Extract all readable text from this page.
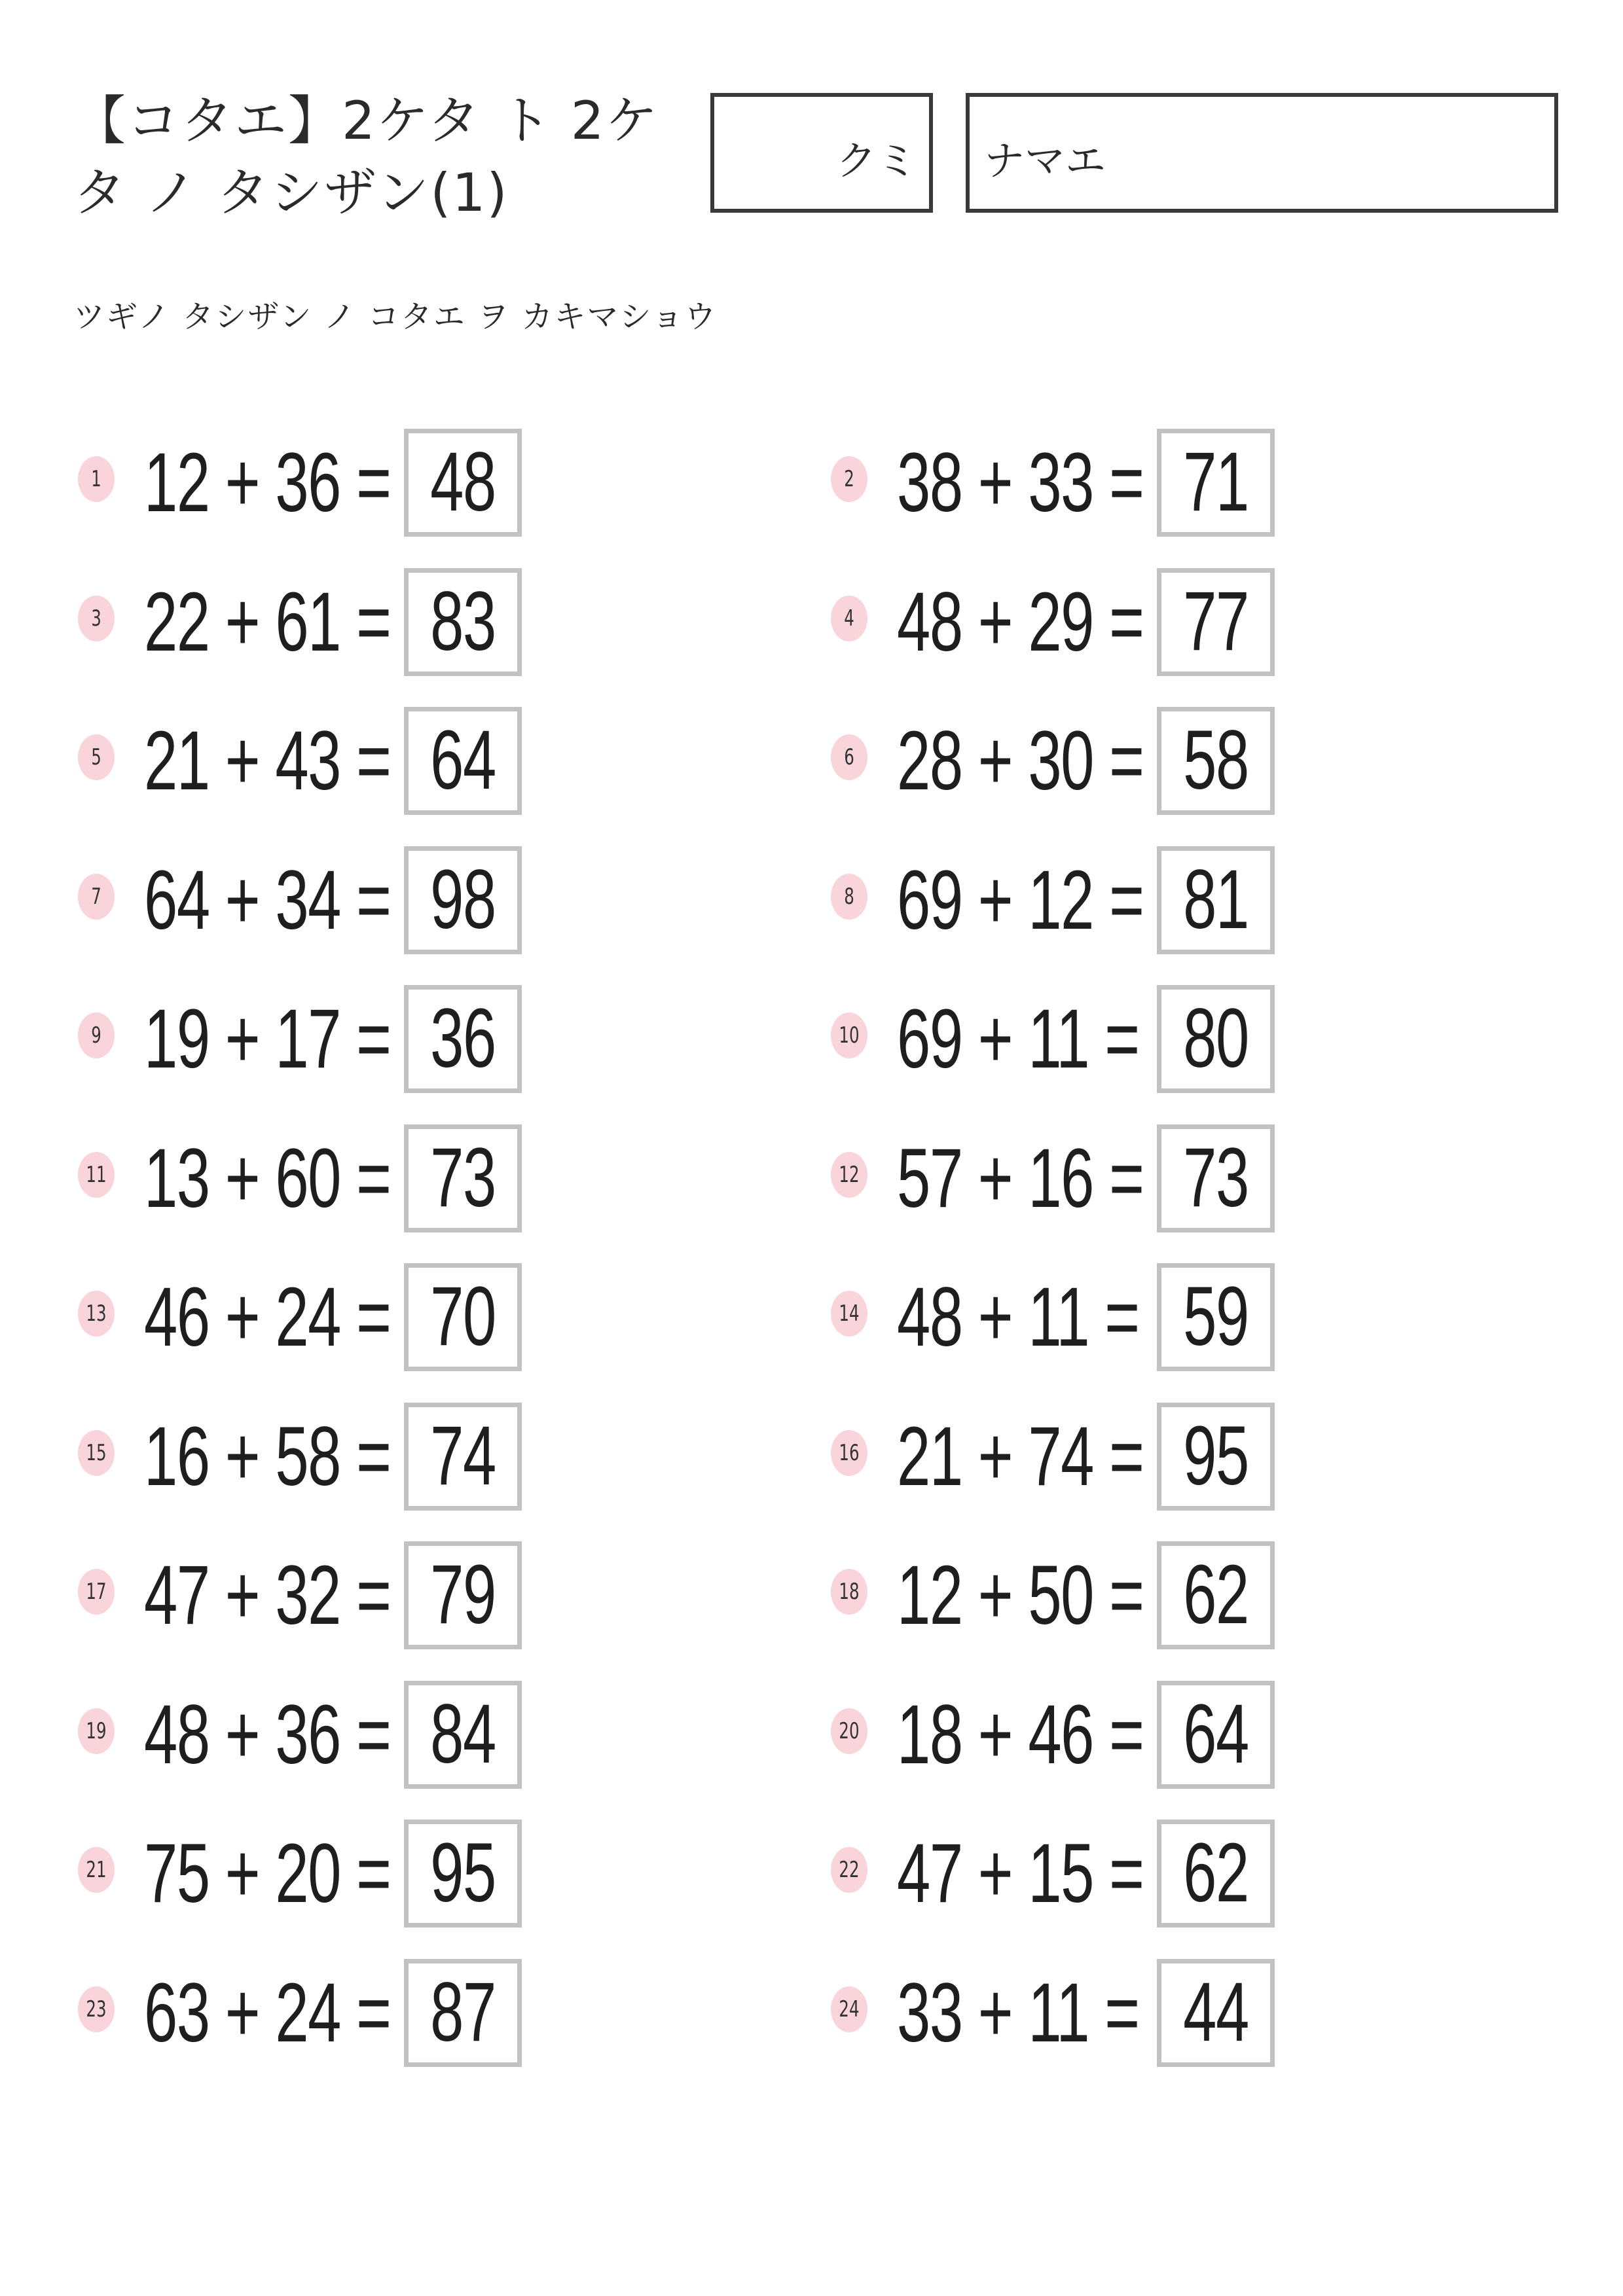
【コタエ】2ケタ ト 2ケタ ノ タシザン(1)
クミ	ナマエ
ツギノ タシザン ノ コタエ ヲ カキマショウ
1 12 + 36 = 48	2 38 + 33 = 71
3 22 + 61 = 83	4 48 + 29 = 77
5 21 + 43 = 64	6 28 + 30 = 58
7 64 + 34 = 98	8 69 + 12 = 81
9 19 + 17 = 36	10 69 + 11 = 80
11 13 + 60 = 73	12 57 + 16 = 73
13 46 + 24 = 70	14 48 + 11 = 59
15 16 + 58 = 74	16 21 + 74 = 95
17 47 + 32 = 79	18 12 + 50 = 62
19 48 + 36 = 84	20 18 + 46 = 64
21 75 + 20 = 95	22 47 + 15 = 62
23 63 + 24 = 87	24 33 + 11 = 44
